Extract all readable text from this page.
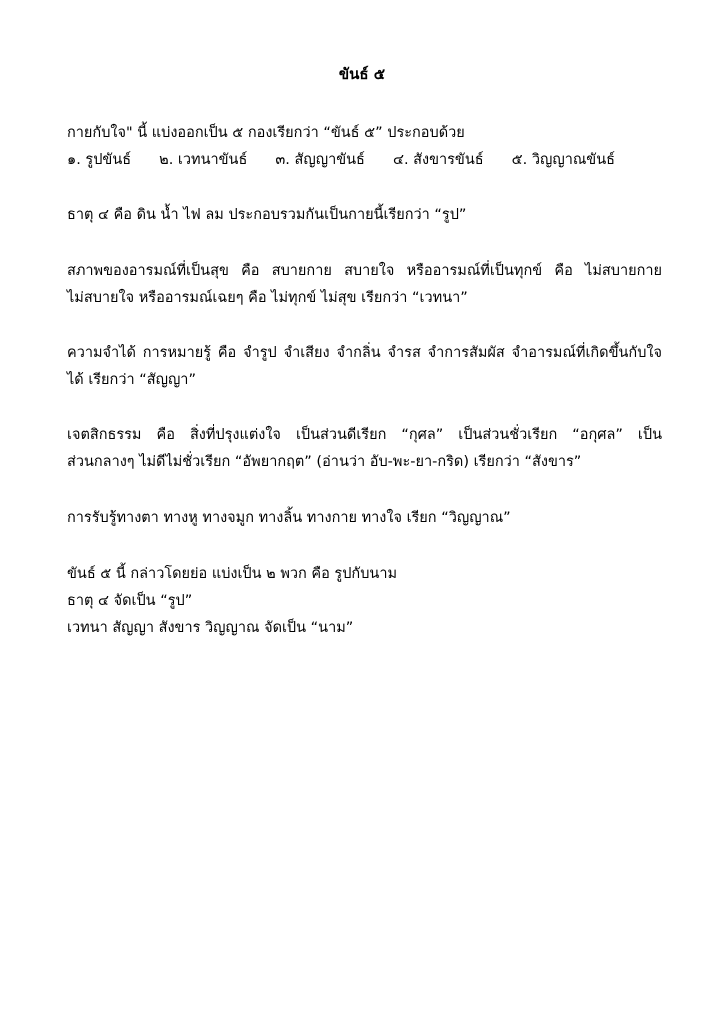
ขันธ์ ๕
กายกับใจ" นี้ แบ่งออกเป็น ๕ กองเรียกว่า “ขันธ์ ๕” ประกอบด้วย
๑. รูปขันธ์ ๒. เวทนาขันธ์ ๓. สัญญาขันธ์ ๔. สังขารขันธ์ ๕. วิญญาณขันธ์
ธาตุ ๔ คือ ดิน น้ำ ไฟ ลม ประกอบรวมกันเป็นกายนี้เรียกว่า “รูป”
สภาพของอารมณ์ที่เป็นสุข คือ สบายกาย สบายใจ หรืออารมณ์ที่เป็นทุกข์ คือ ไม่สบายกาย
ไม่สบายใจ หรืออารมณ์เฉยๆ คือ ไม่ทุกข์ ไม่สุข เรียกว่า “เวทนา”
ความจำได้ การหมายรู้ คือ จำรูป จำเสียง จำกลิ่น จำรส จำการสัมผัส จำอารมณ์ที่เกิดขึ้นกับใจ
ได้ เรียกว่า “สัญญา”
เจตสิกธรรม คือ สิ่งที่ปรุงแต่งใจ เป็นส่วนดีเรียก “กุศล” เป็นส่วนชั่วเรียก “อกุศล” เป็น
ส่วนกลางๆ ไม่ดีไม่ชั่วเรียก “อัพยากฤต” (อ่านว่า อับ-พะ-ยา-กริด) เรียกว่า “สังขาร”
การรับรู้ทางตา ทางหู ทางจมูก ทางลิ้น ทางกาย ทางใจ เรียก “วิญญาณ”
ขันธ์ ๕ นี้ กล่าวโดยย่อ แบ่งเป็น ๒ พวก คือ รูปกับนาม
ธาตุ ๔ จัดเป็น “รูป”
เวทนา สัญญา สังขาร วิญญาณ จัดเป็น “นาม”
